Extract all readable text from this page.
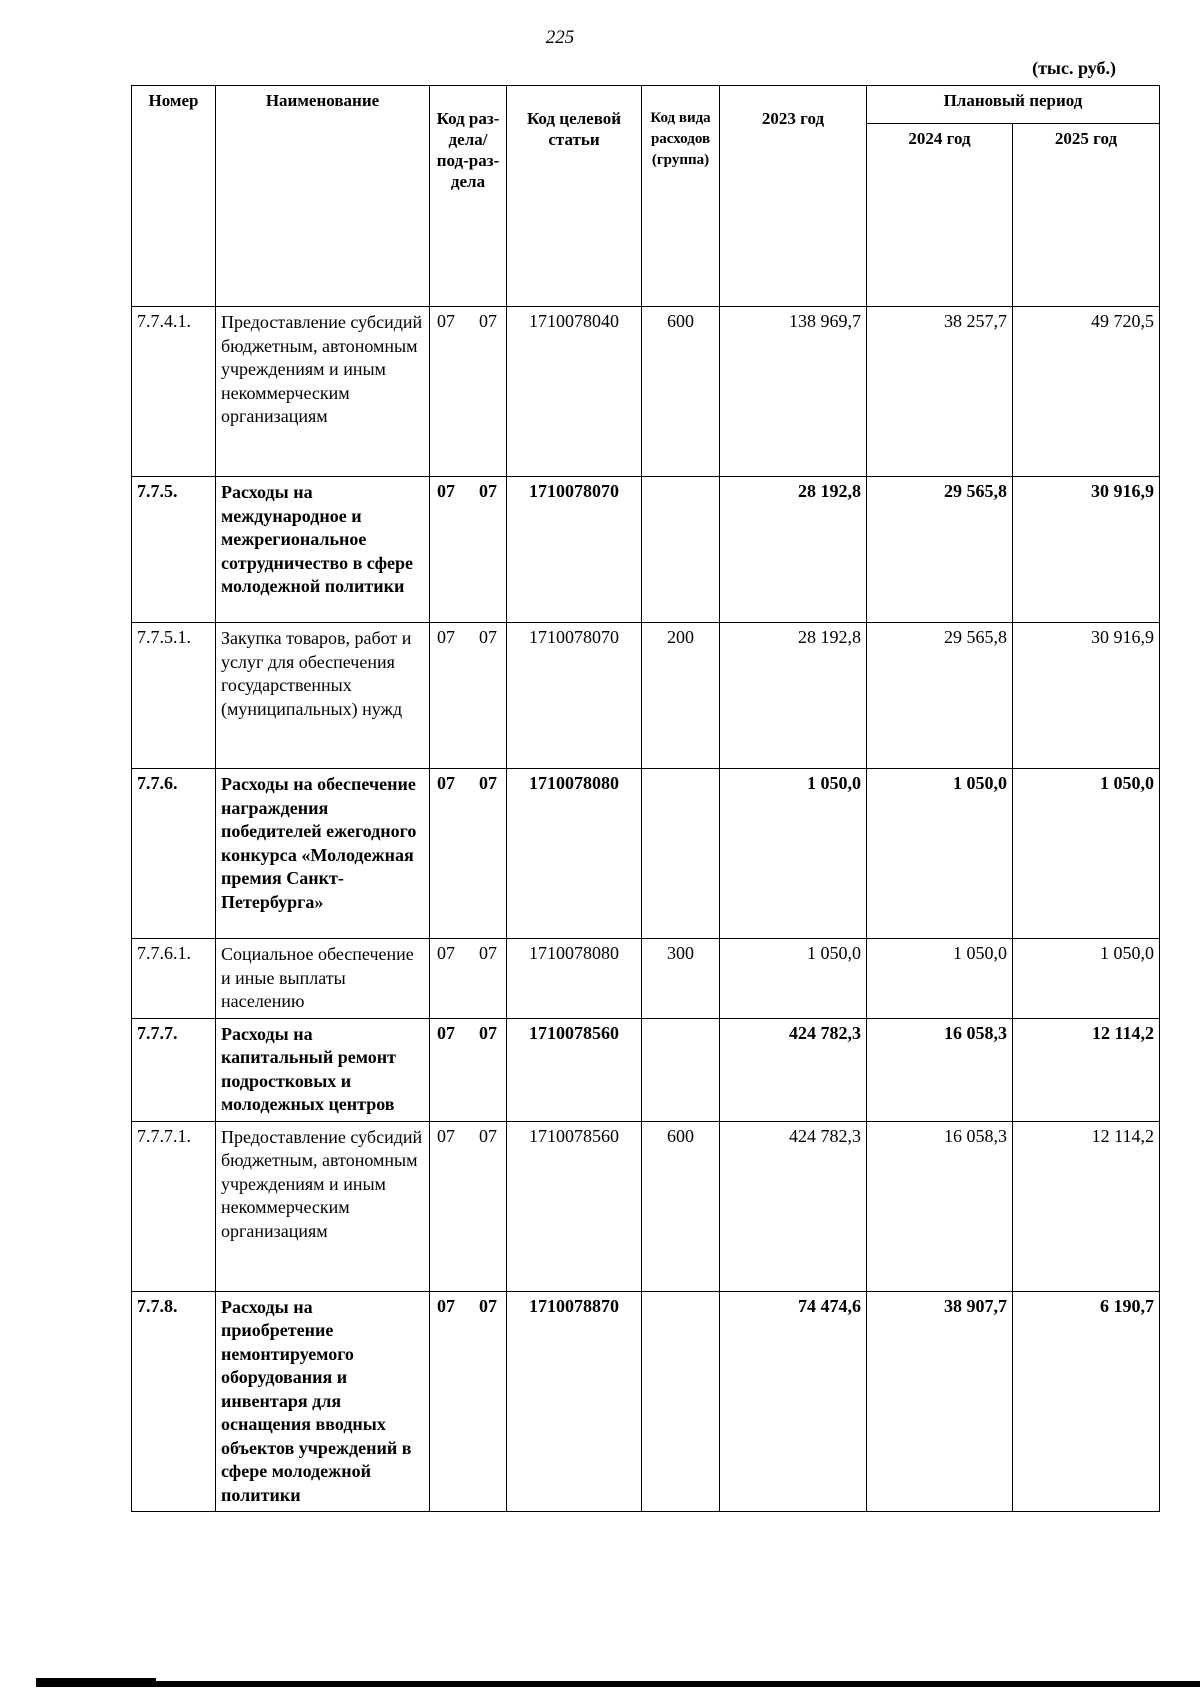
225
(тыс. руб.)
Номер	Наименование	Код раз-дела/ под-раз-дела	Код целевой статьи	Код вида расходов (группа)	2023 год	Плановый период	
						2024 год	2025 год
7.7.4.1.	Предоставление субсидий бюджетным, автономным учреждениям и иным некоммерческим организациям	07 07	1710078040	600	138 969,7	38 257,7	49 720,5
7.7.5.	Расходы на международное и межрегиональное сотрудничество в сфере молодежной политики	07 07	1710078070		28 192,8	29 565,8	30 916,9
7.7.5.1.	Закупка товаров, работ и услуг для обеспечения государственных (муниципальных) нужд	07 07	1710078070	200	28 192,8	29 565,8	30 916,9
7.7.6.	Расходы на обеспечение награждения победителей ежегодного конкурса «Молодежная премия Санкт-Петербурга»	07 07	1710078080		1 050,0	1 050,0	1 050,0
7.7.6.1.	Социальное обеспечение и иные выплаты населению	07 07	1710078080	300	1 050,0	1 050,0	1 050,0
7.7.7.	Расходы на капитальный ремонт подростковых и молодежных центров	07 07	1710078560		424 782,3	16 058,3	12 114,2
7.7.7.1.	Предоставление субсидий бюджетным, автономным учреждениям и иным некоммерческим организациям	07 07	1710078560	600	424 782,3	16 058,3	12 114,2
7.7.8.	Расходы на приобретение немонтируемого оборудования и инвентаря для оснащения вводных объектов учреждений в сфере молодежной политики	07 07	1710078870		74 474,6	38 907,7	6 190,7
